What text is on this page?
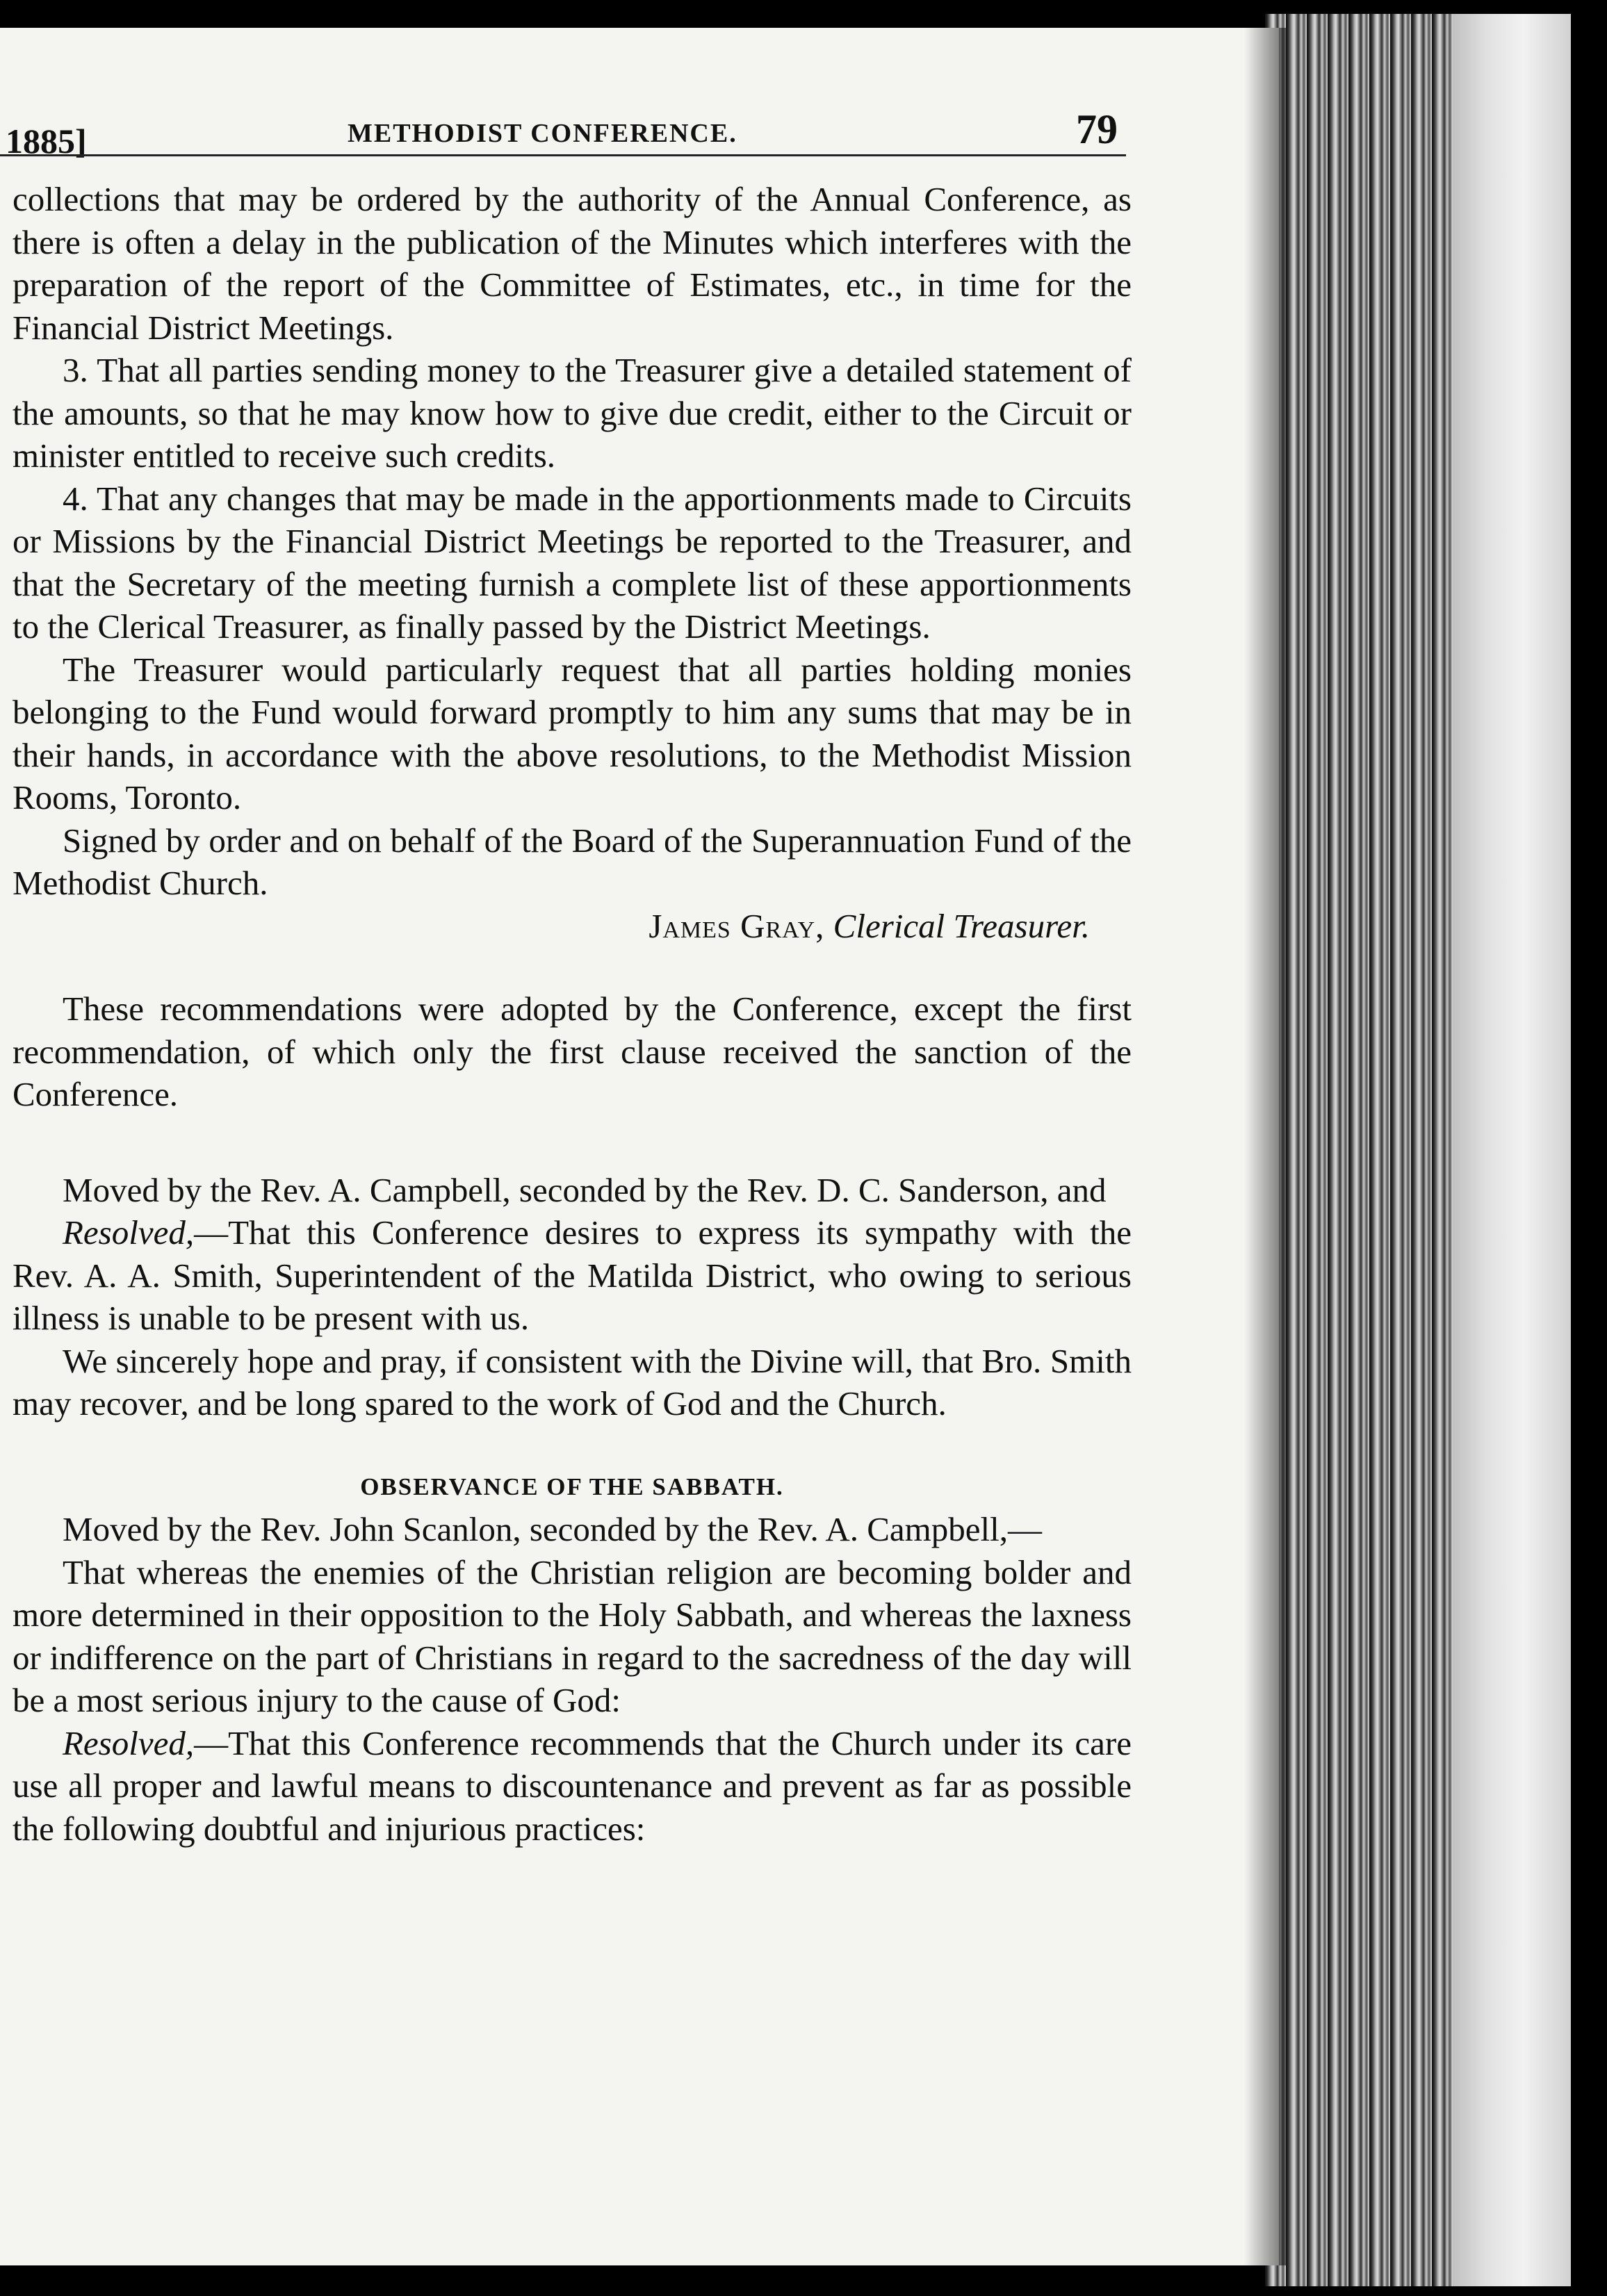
1885]	METHODIST CONFERENCE.	79

collections that may be ordered by the authority of the Annual Conference, as there is often a delay in the publication of the Minutes which interferes with the preparation of the report of the Committee of Estimates, etc., in time for the Financial District Meetings.

3. That all parties sending money to the Treasurer give a detailed statement of the amounts, so that he may know how to give due credit, either to the Circuit or minister entitled to receive such credits.

4. That any changes that may be made in the apportionments made to Circuits or Missions by the Financial District Meetings be reported to the Treasurer, and that the Secretary of the meeting furnish a complete list of these apportionments to the Clerical Treasurer, as finally passed by the District Meetings.

The Treasurer would particularly request that all parties holding monies belonging to the Fund would forward promptly to him any sums that may be in their hands, in accordance with the above resolutions, to the Methodist Mission Rooms, Toronto.

Signed by order and on behalf of the Board of the Superannuation Fund of the Methodist Church.

James Gray, Clerical Treasurer.

These recommendations were adopted by the Conference, except the first recommendation, of which only the first clause received the sanction of the Conference.

Moved by the Rev. A. Campbell, seconded by the Rev. D. C. Sanderson, and

Resolved,—That this Conference desires to express its sympathy with the Rev. A. A. Smith, Superintendent of the Matilda District, who owing to serious illness is unable to be present with us.

We sincerely hope and pray, if consistent with the Divine will, that Bro. Smith may recover, and be long spared to the work of God and the Church.

OBSERVANCE OF THE SABBATH.

Moved by the Rev. John Scanlon, seconded by the Rev. A. Campbell,—

That whereas the enemies of the Christian religion are becoming bolder and more determined in their opposition to the Holy Sabbath, and whereas the laxness or indifference on the part of Christians in regard to the sacredness of the day will be a most serious injury to the cause of God:

Resolved,—That this Conference recommends that the Church under its care use all proper and lawful means to discountenance and prevent as far as possible the following doubtful and injurious practices:
